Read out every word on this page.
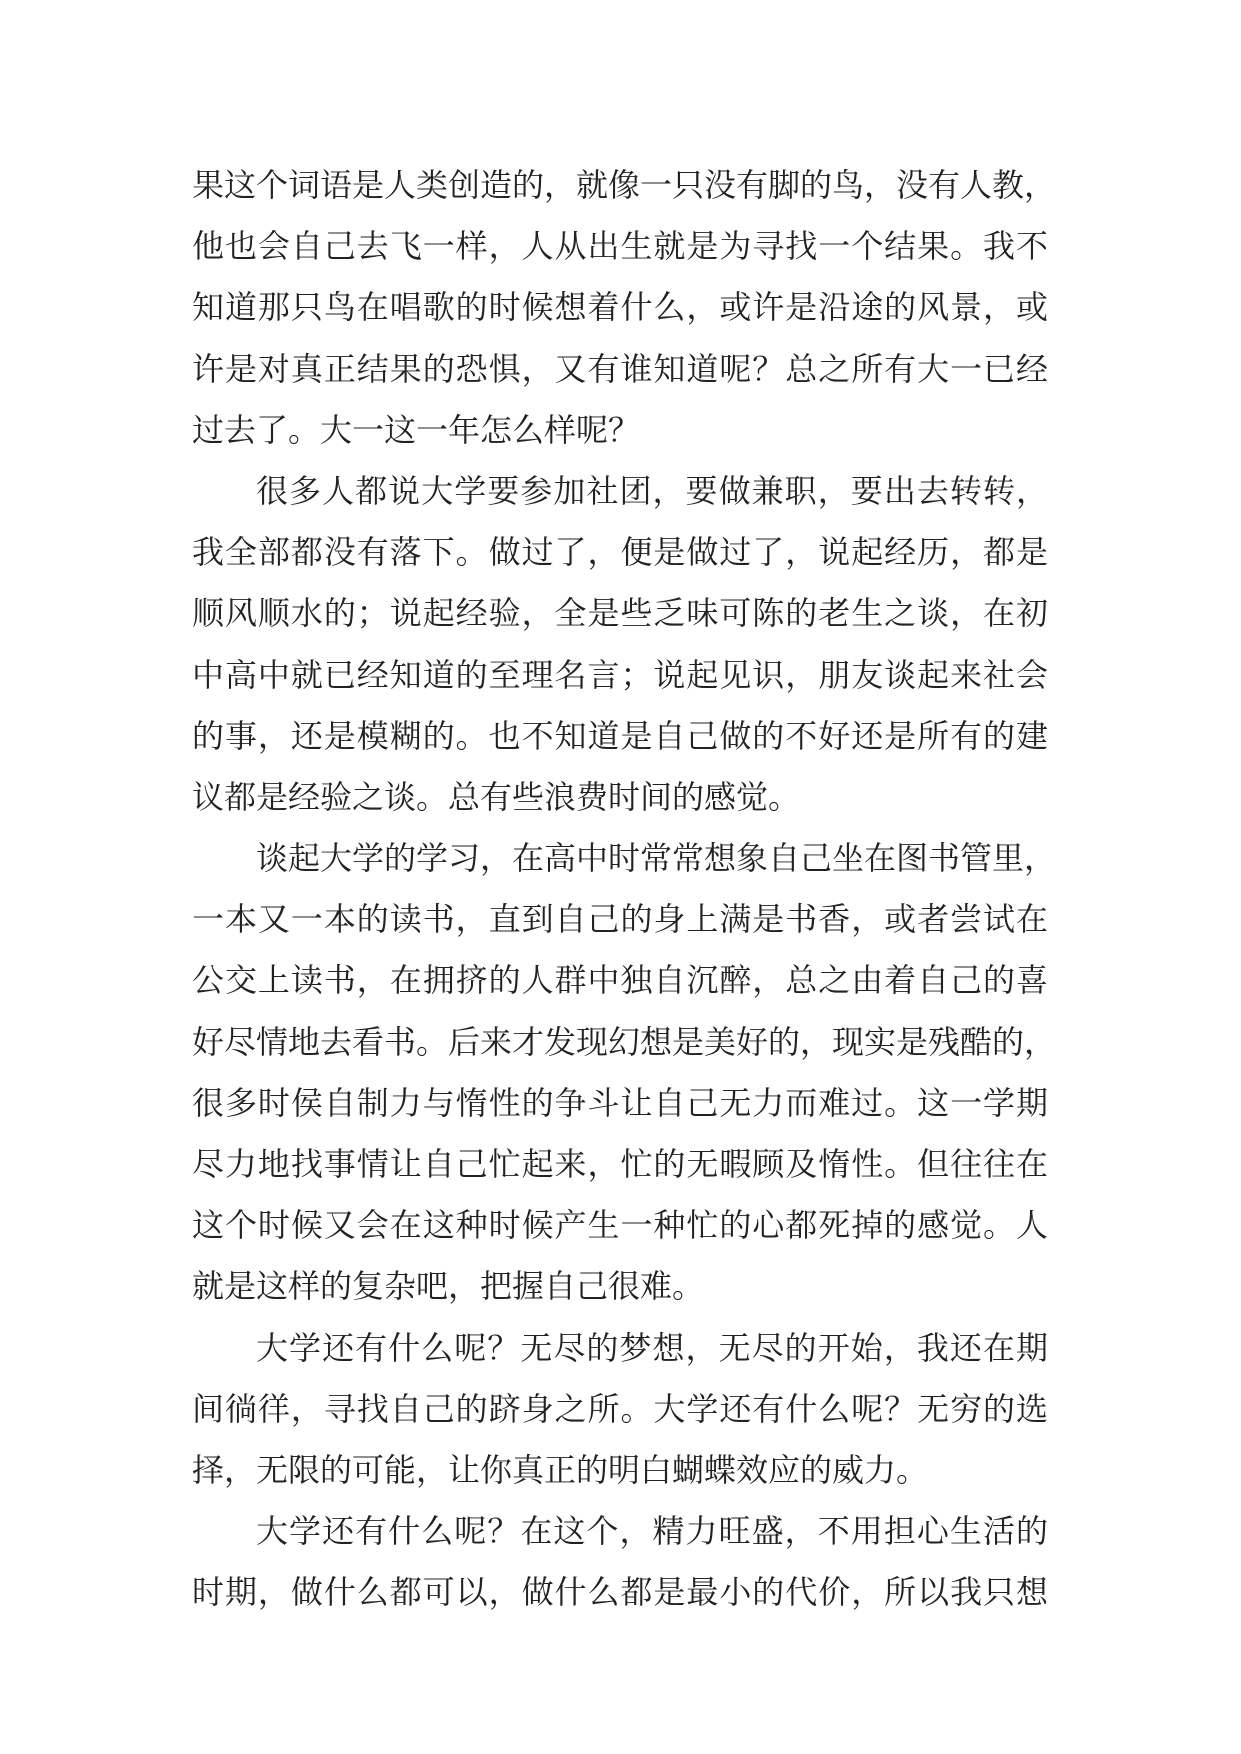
果这个词语是人类创造的，就像一只没有脚的鸟，没有人教，
他也会自己去飞一样，人从出生就是为寻找一个结果。我不
知道那只鸟在唱歌的时候想着什么，或许是沿途的风景，或
许是对真正结果的恐惧，又有谁知道呢？总之所有大一已经
过去了。大一这一年怎么样呢？
很多人都说大学要参加社团，要做兼职，要出去转转，
我全部都没有落下。做过了，便是做过了，说起经历，都是
顺风顺水的；说起经验，全是些乏味可陈的老生之谈，在初
中高中就已经知道的至理名言；说起见识，朋友谈起来社会
的事，还是模糊的。也不知道是自己做的不好还是所有的建
议都是经验之谈。总有些浪费时间的感觉。
谈起大学的学习，在高中时常常想象自己坐在图书管里，
一本又一本的读书，直到自己的身上满是书香，或者尝试在
公交上读书，在拥挤的人群中独自沉醉，总之由着自己的喜
好尽情地去看书。后来才发现幻想是美好的，现实是残酷的，
很多时侯自制力与惰性的争斗让自己无力而难过。这一学期
尽力地找事情让自己忙起来，忙的无暇顾及惰性。但往往在
这个时候又会在这种时候产生一种忙的心都死掉的感觉。人
就是这样的复杂吧，把握自己很难。
大学还有什么呢？无尽的梦想，无尽的开始，我还在期
间徜徉，寻找自己的跻身之所。大学还有什么呢？无穷的选
择，无限的可能，让你真正的明白蝴蝶效应的威力。
大学还有什么呢？在这个，精力旺盛，不用担心生活的
时期，做什么都可以，做什么都是最小的代价，所以我只想
